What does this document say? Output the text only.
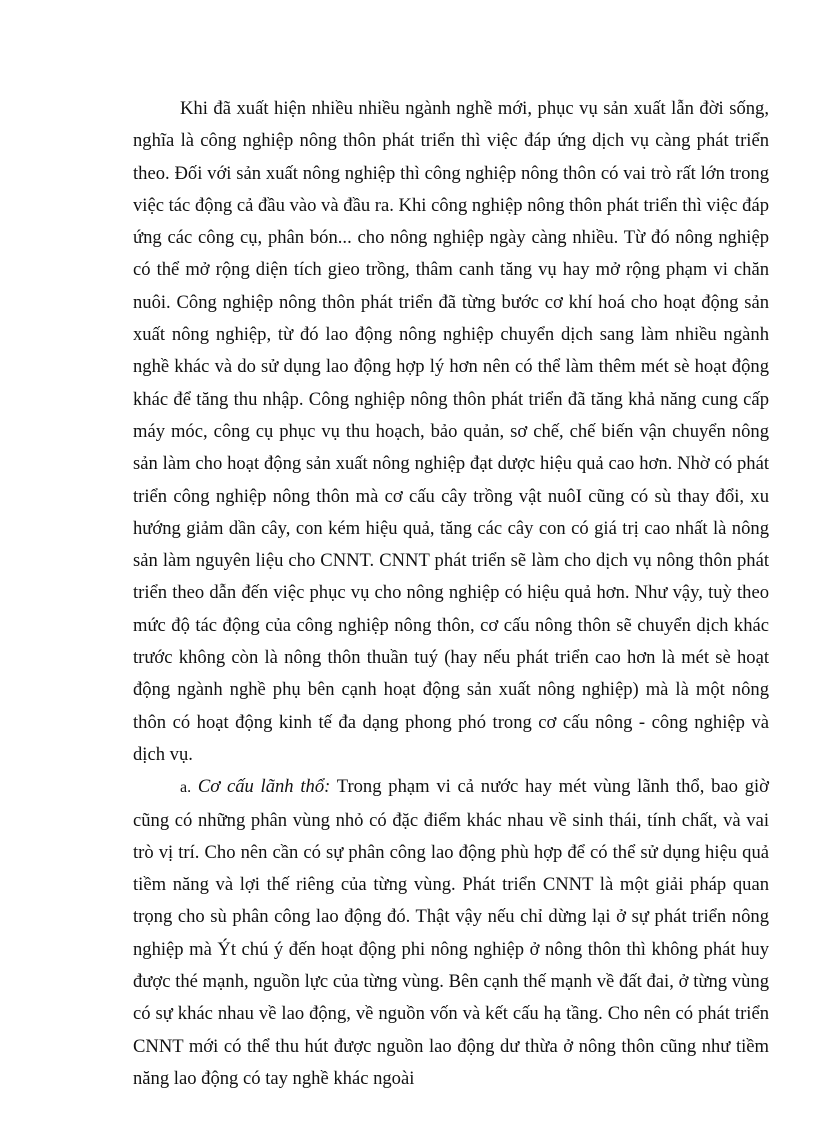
Khi đã xuất hiện nhiều nhiều ngành nghề mới, phục vụ sản xuất lẫn đời sống, nghĩa là công nghiệp nông thôn phát triển thì việc đáp ứng dịch vụ càng phát triển theo. Đối với sản xuất nông nghiệp thì công nghiệp nông thôn có vai trò rất lớn trong việc tác động cả đầu vào và đầu ra. Khi công nghiệp nông thôn phát triển thì việc đáp ứng các công cụ, phân bón... cho nông nghiệp ngày càng nhiều. Từ đó nông nghiệp có thể mở rộng diện tích gieo trồng, thâm canh tăng vụ hay mở rộng phạm vi chăn nuôi. Công nghiệp nông thôn phát triển đã từng bước cơ khí hoá cho hoạt động sản xuất nông nghiệp, từ đó lao động nông nghiệp chuyển dịch sang làm nhiều ngành nghề khác và do sử dụng lao động hợp lý hơn nên có thể làm thêm mét sè hoạt động khác để tăng thu nhập. Công nghiệp nông thôn phát triển đã tăng khả năng cung cấp máy móc, công cụ phục vụ thu hoạch, bảo quản, sơ chế, chế biến vận chuyển nông sản làm cho hoạt động sản xuất nông nghiệp đạt dược hiệu quả cao hơn. Nhờ có phát triển công nghiệp nông thôn mà cơ cấu cây trồng vật nuôI cũng có sù thay đổi, xu hướng giảm dần cây, con kém hiệu quả, tăng các cây con có giá trị cao nhất là nông sản làm nguyên liệu cho CNNT. CNNT phát triển sẽ làm cho dịch vụ nông thôn phát triển theo dẫn đến việc phục vụ cho nông nghiệp có hiệu quả hơn. Như vậy, tuỳ theo mức độ tác động của công nghiệp nông thôn, cơ cấu nông thôn sẽ chuyển dịch khác trước không còn là nông thôn thuần tuý (hay nếu phát triển cao hơn là mét sè hoạt động ngành nghề phụ bên cạnh hoạt động sản xuất nông nghiệp) mà là một nông thôn có hoạt động kinh tế đa dạng phong phó trong cơ cấu nông - công nghiệp và dịch vụ.

a. Cơ cấu lãnh thổ: Trong phạm vi cả nước hay mét vùng lãnh thổ, bao giờ cũng có những phân vùng nhỏ có đặc điểm khác nhau về sinh thái, tính chất, và vai trò vị trí. Cho nên cần có sự phân công lao động phù hợp để có thể sử dụng hiệu quả tiềm năng và lợi thế riêng của từng vùng. Phát triển CNNT là một giải pháp quan trọng cho sù phân công lao động đó. Thật vậy nếu chỉ dừng lại ở sự phát triển nông nghiệp mà Ýt chú ý đến hoạt động phi nông nghiệp ở nông thôn thì không phát huy được thé mạnh, nguồn lực của từng vùng. Bên cạnh thế mạnh về đất đai, ở từng vùng có sự khác nhau về lao động, về nguồn vốn và kết cấu hạ tầng. Cho nên có phát triển CNNT mới có thể thu hút được nguồn lao động dư thừa ở nông thôn cũng như tiềm năng lao động có tay nghề khác ngoài
